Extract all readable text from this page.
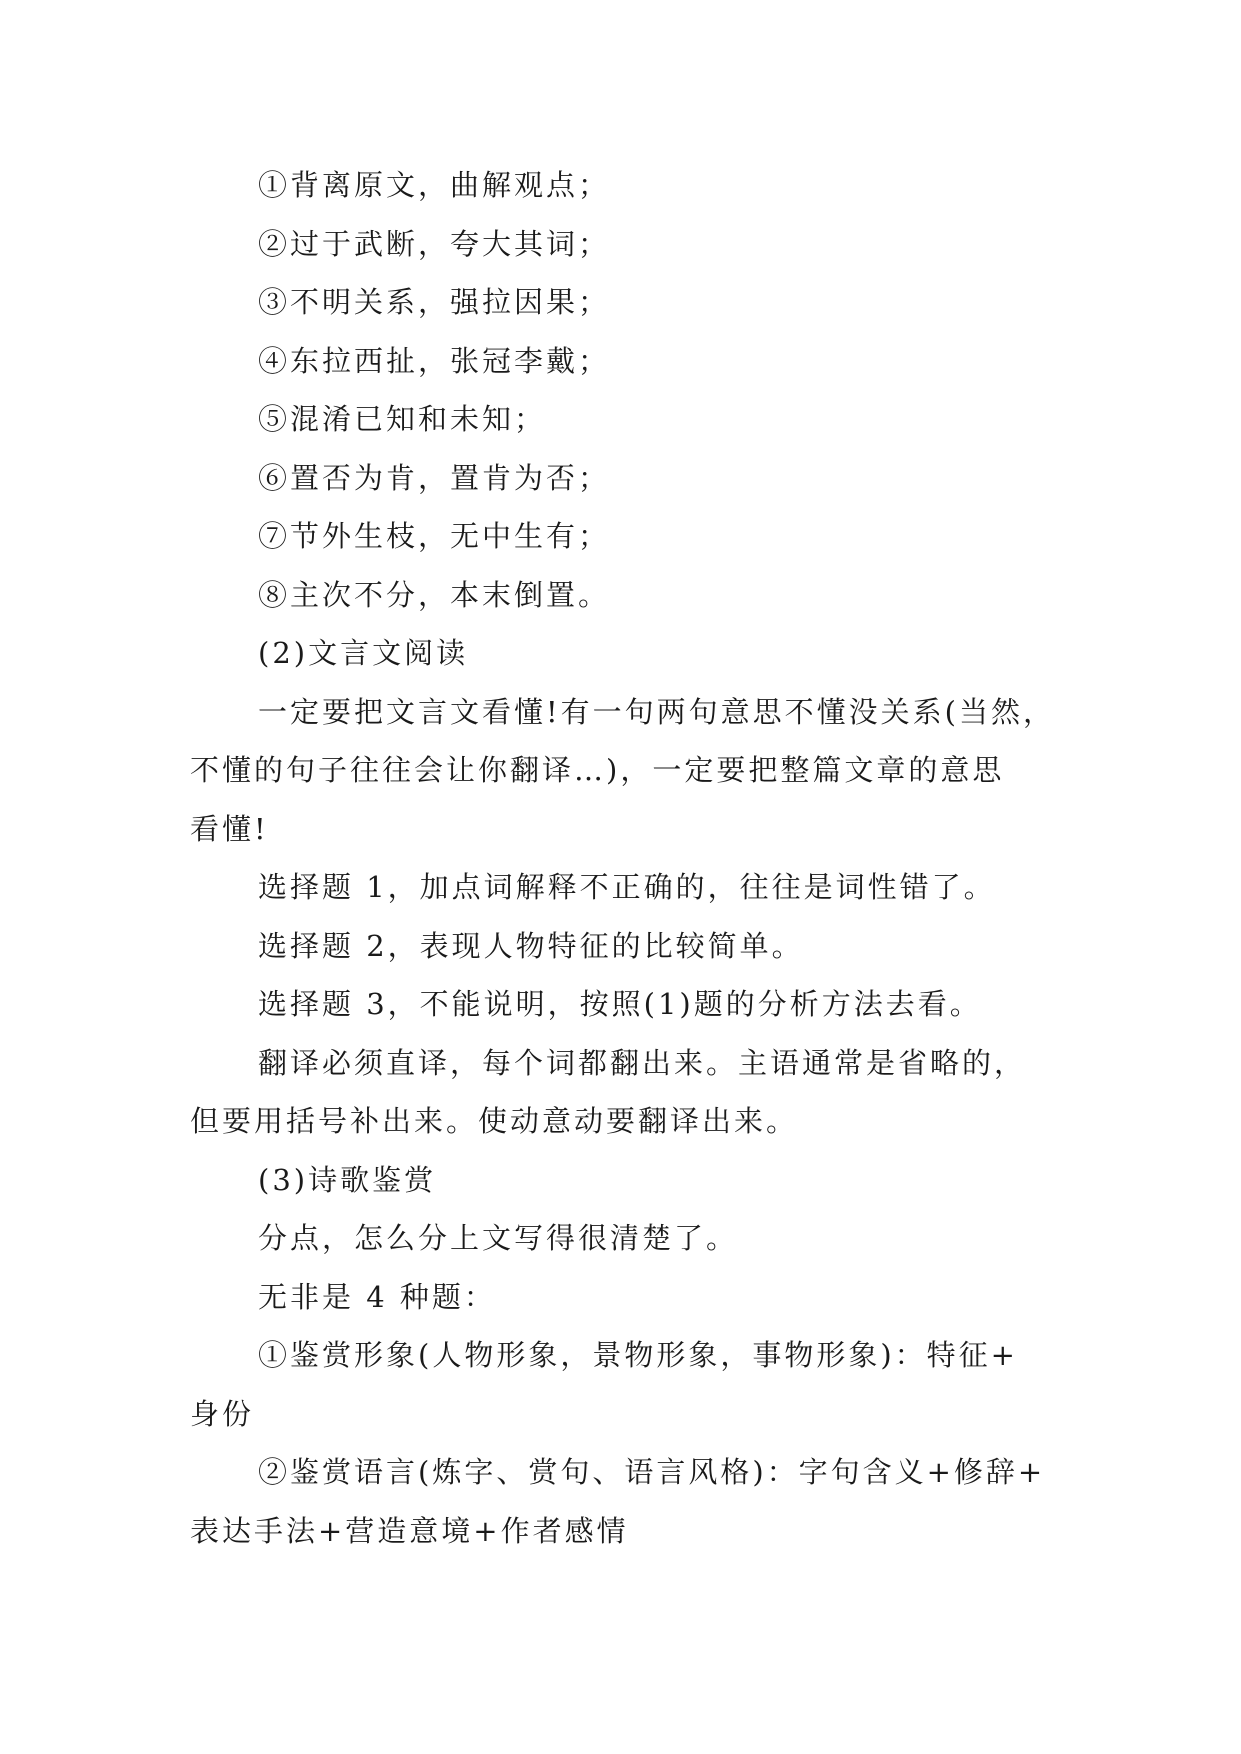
①背离原文，曲解观点；
②过于武断，夸大其词；
③不明关系，强拉因果；
④东拉西扯，张冠李戴；
⑤混淆已知和未知；
⑥置否为肯，置肯为否；
⑦节外生枝，无中生有；
⑧主次不分，本末倒置。
(2)文言文阅读
一定要把文言文看懂!有一句两句意思不懂没关系(当然，
不懂的句子往往会让你翻译…)，一定要把整篇文章的意思
看懂!
选择题 1，加点词解释不正确的，往往是词性错了。
选择题 2，表现人物特征的比较简单。
选择题 3，不能说明，按照(1)题的分析方法去看。
翻译必须直译，每个词都翻出来。主语通常是省略的，
但要用括号补出来。使动意动要翻译出来。
(3)诗歌鉴赏
分点，怎么分上文写得很清楚了。
无非是 4 种题：
①鉴赏形象(人物形象，景物形象，事物形象)：特征+
身份
②鉴赏语言(炼字、赏句、语言风格)：字句含义+修辞+
表达手法+营造意境+作者感情
